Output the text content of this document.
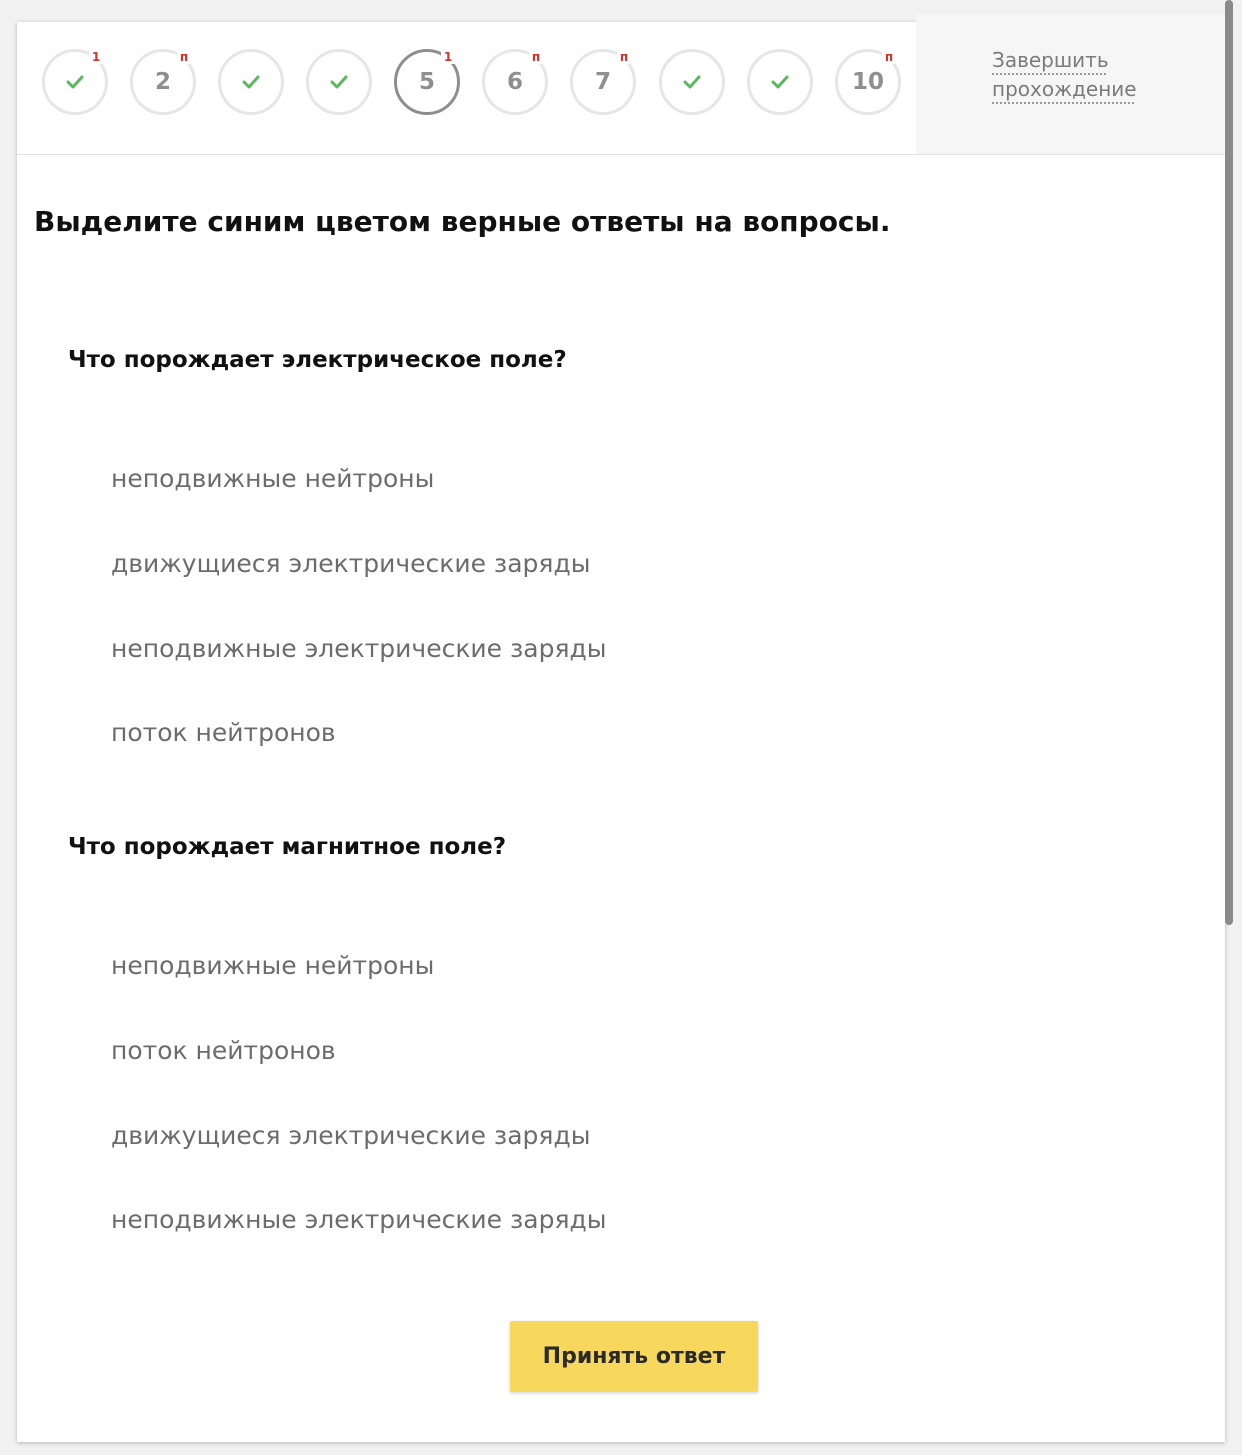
1
2
п
5
1
6
п
7
п
10
п	Завершить прохождение
Выделите синим цветом верные ответы на вопросы.
Что порождает электрическое поле?
неподвижные нейтроны
движущиеся электрические заряды
неподвижные электрические заряды
поток нейтронов
Что порождает магнитное поле?
неподвижные нейтроны
поток нейтронов
движущиеся электрические заряды
неподвижные электрические заряды
Принять ответ
